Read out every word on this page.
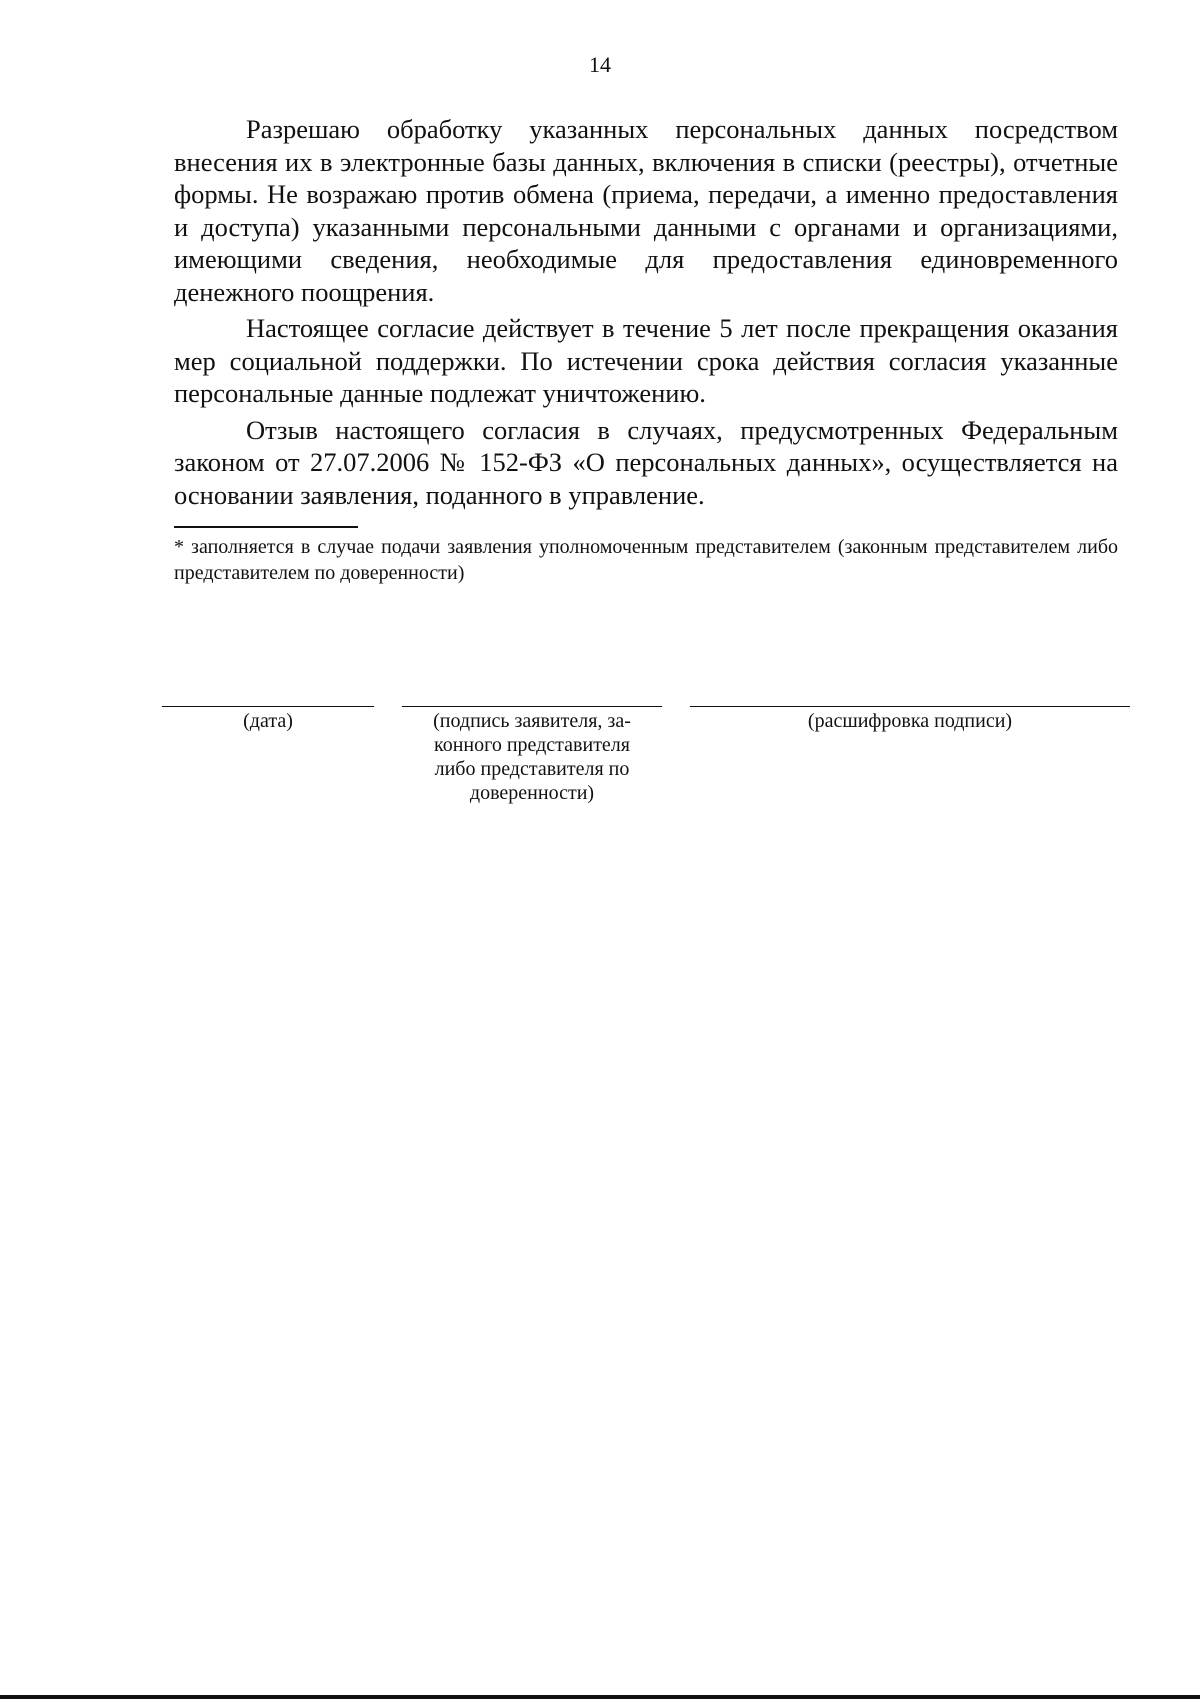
14

Разрешаю обработку указанных персональных данных посредством внесения их в электронные базы данных, включения в списки (реестры), отчетные формы. Не возражаю против обмена (приема, передачи, а именно предоставления и доступа) указанными персональными данными с органами и организациями, имеющими сведения, необходимые для предоставления единовременного денежного поощрения.

Настоящее согласие действует в течение 5 лет после прекращения оказания мер социальной поддержки. По истечении срока действия согласия указанные персональные данные подлежат уничтожению.

Отзыв настоящего согласия в случаях, предусмотренных Федеральным законом от 27.07.2006 № 152-ФЗ «О персональных данных», осуществляется на основании заявления, поданного в управление.

* заполняется в случае подачи заявления уполномоченным представителем (законным представителем либо представителем по доверенности)
(дата)	(подпись заявителя, законного представителя либо представителя по доверенности)
(расшифровка подписи)
